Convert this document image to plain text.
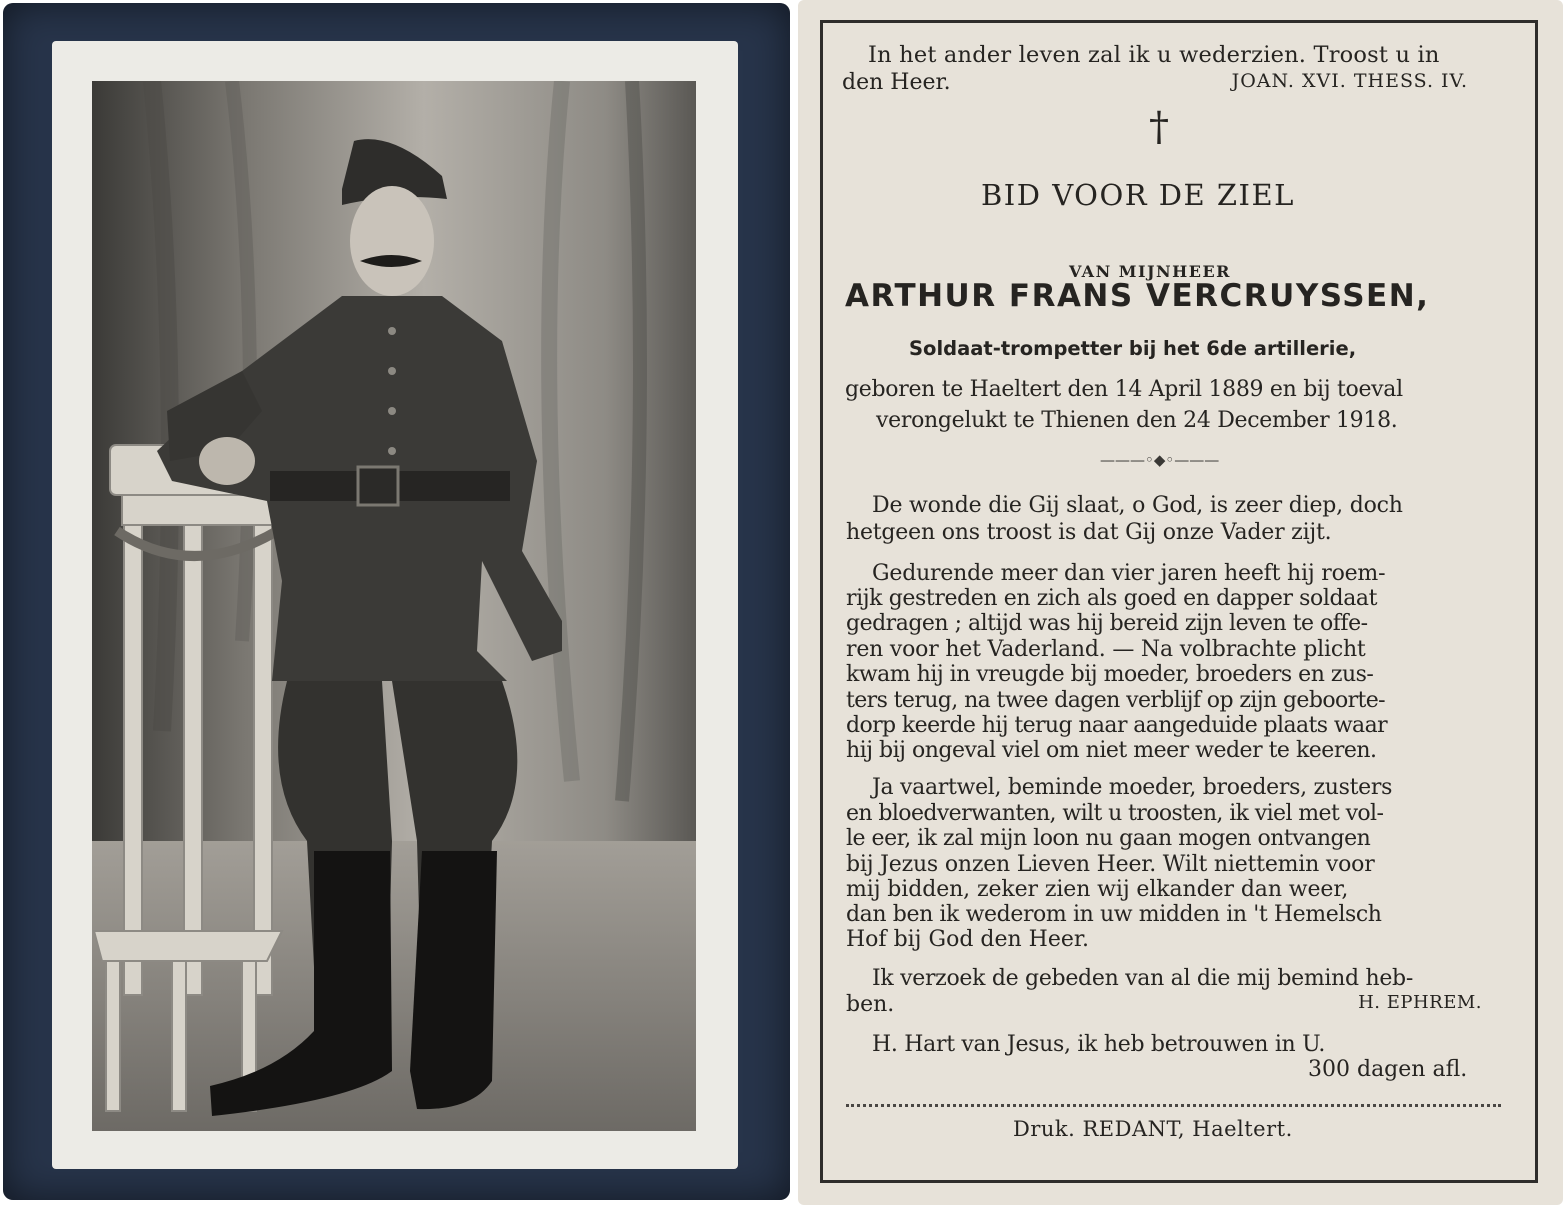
In het ander leven zal ik u wederzien. Troost u in
den Heer.	JOAN. XVI. THESS. IV.
†
BID VOOR DE ZIEL
VAN MIJNHEER
ARTHUR FRANS VERCRUYSSEN,
Soldaat-trompetter bij het 6de artillerie,
geboren te Haeltert den 14 April 1889 en bij toeval
verongelukt te Thienen den 24 December 1918.
———◦◆◦———
De wonde die Gij slaat, o God, is zeer diep, doch
hetgeen ons troost is dat Gij onze Vader zijt.
Gedurende meer dan vier jaren heeft hij roem-
rijk gestreden en zich als goed en dapper soldaat
gedragen ; altijd was hij bereid zijn leven te offe-
ren voor het Vaderland. — Na volbrachte plicht
kwam hij in vreugde bij moeder, broeders en zus-
ters terug, na twee dagen verblijf op zijn geboorte-
dorp keerde hij terug naar aangeduide plaats waar
hij bij ongeval viel om niet meer weder te keeren.
Ja vaartwel, beminde moeder, broeders, zusters
en bloedverwanten, wilt u troosten, ik viel met vol-
le eer, ik zal mijn loon nu gaan mogen ontvangen
bij Jezus onzen Lieven Heer. Wilt niettemin voor
mij bidden, zeker zien wij elkander dan weer,
dan ben ik wederom in uw midden in 't Hemelsch
Hof bij God den Heer.
Ik verzoek de gebeden van al die mij bemind heb-
ben.	H. EPHREM.
H. Hart van Jesus, ik heb betrouwen in U.
300 dagen afl.
Druk. REDANT, Haeltert.
